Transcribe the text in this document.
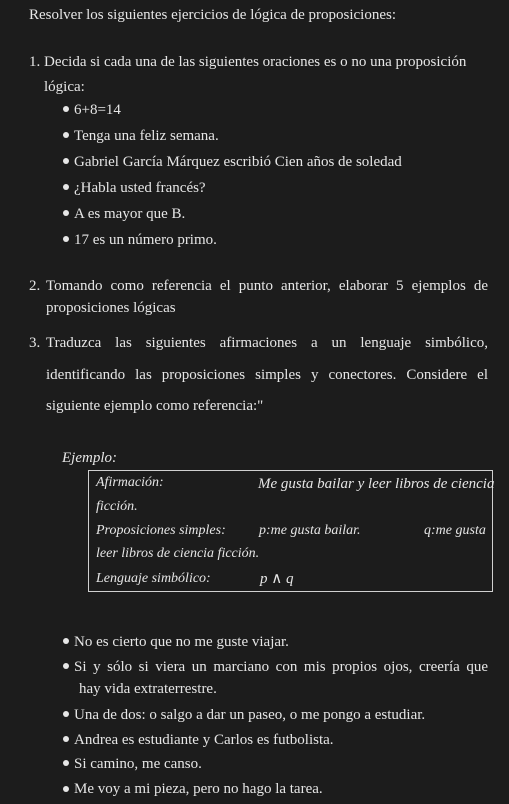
Resolver los siguientes ejercicios de lógica de proposiciones:
1. Decida si cada una de las siguientes oraciones es o no una proposición
lógica:
6+8=14
Tenga una feliz semana.
Gabriel García Márquez escribió Cien años de soledad
¿Habla usted francés?
A es mayor que B.
17 es un número primo.
2. Tomando como referencia el punto anterior, elaborar 5 ejemplos de
proposiciones lógicas
3. Traduzca las siguientes afirmaciones a un lenguaje simbólico,
identificando las proposiciones simples y conectores. Considere el
siguiente ejemplo como referencia:"
Ejemplo:
Afirmación:	Me gusta bailar y leer libros de ciencia
ficción.
Proposiciones simples: p:me gusta bailar.	q:me gusta
leer libros de ciencia ficción.
Lenguaje simbólico:	p ∧ q
No es cierto que no me guste viajar.
Si y sólo si viera un marciano con mis propios ojos, creería que
hay vida extraterrestre.
Una de dos: o salgo a dar un paseo, o me pongo a estudiar.
Andrea es estudiante y Carlos es futbolista.
Si camino, me canso.
Me voy a mi pieza, pero no hago la tarea.
